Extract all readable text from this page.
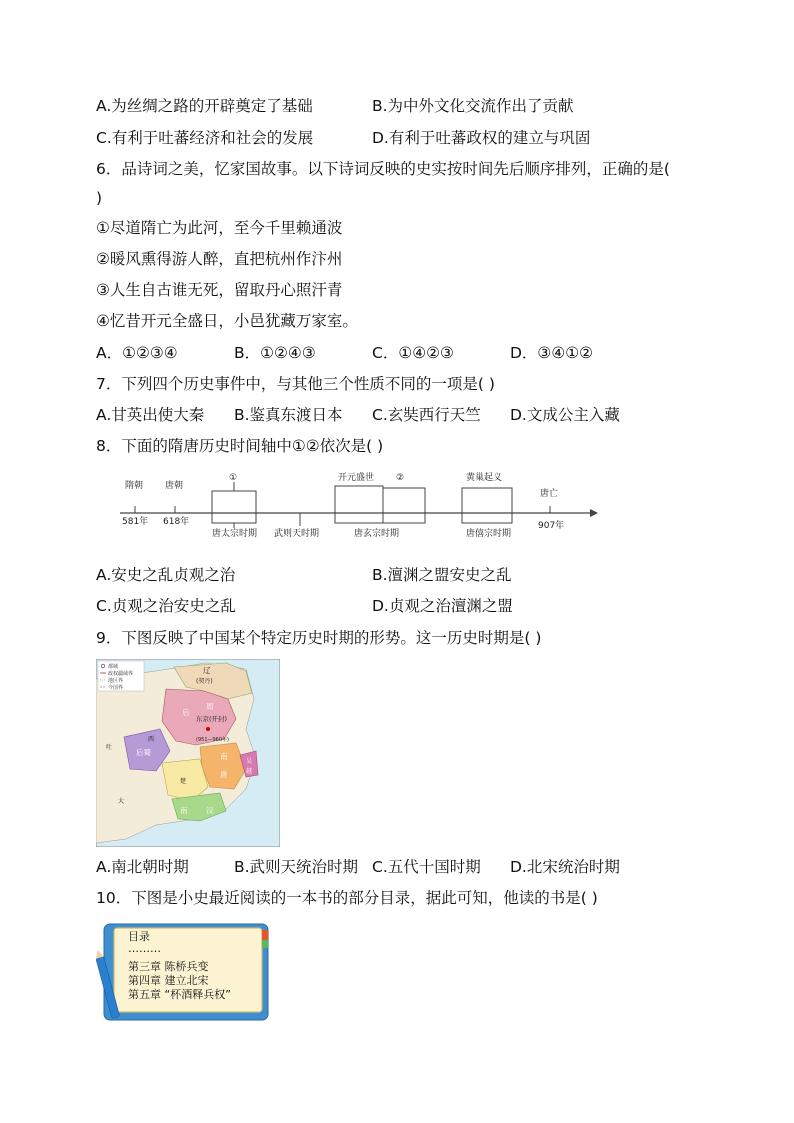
A.为丝绸之路的开辟奠定了基础	B.为中外文化交流作出了贡献
C.有利于吐蕃经济和社会的发展	D.有利于吐蕃政权的建立与巩固
6．品诗词之美，忆家国故事。以下诗词反映的史实按时间先后顺序排列，正确的是(
)
①尽道隋亡为此河，至今千里赖通波
②暖风熏得游人醉，直把杭州作汴州
③人生自古谁无死，留取丹心照汗青
④忆昔开元全盛日，小邑犹藏万家室。
A．①②③④	B．①②④③	C．①④②③	D．③④①②
7．下列四个历史事件中，与其他三个性质不同的一项是( )
A.甘英出使大秦 B.鉴真东渡日本 C.玄奘西行天竺 D.文成公主入藏
8．下面的隋唐历史时间轴中①②依次是( )
隋朝
581年
唐朝
618年
①
唐太宗时期 武则天时期
开元盛世 ②
唐玄宗时期
黄巢起义
唐僖宗时期
唐亡
907年
A.安史之乱贞观之治	B.澶渊之盟安史之乱
C.贞观之治安史之乱	D.贞观之治澶渊之盟
9．下图反映了中国某个特定历史时期的形势。这一历史时期是( )
都城
政权疆域界
地区界
今国界
辽
(契丹)
东京(开封)
(951—960年)
后
周
后蜀	南
唐
南 汉
吴
越
楚
吐
大
西
A.南北朝时期	B.武则天统治时期 C.五代十国时期 D.北宋统治时期
10．下图是小史最近阅读的一本书的部分目录，据此可知，他读的书是( )
目录
………
第三章 陈桥兵变
第四章 建立北宋
第五章 “杯酒释兵权”
